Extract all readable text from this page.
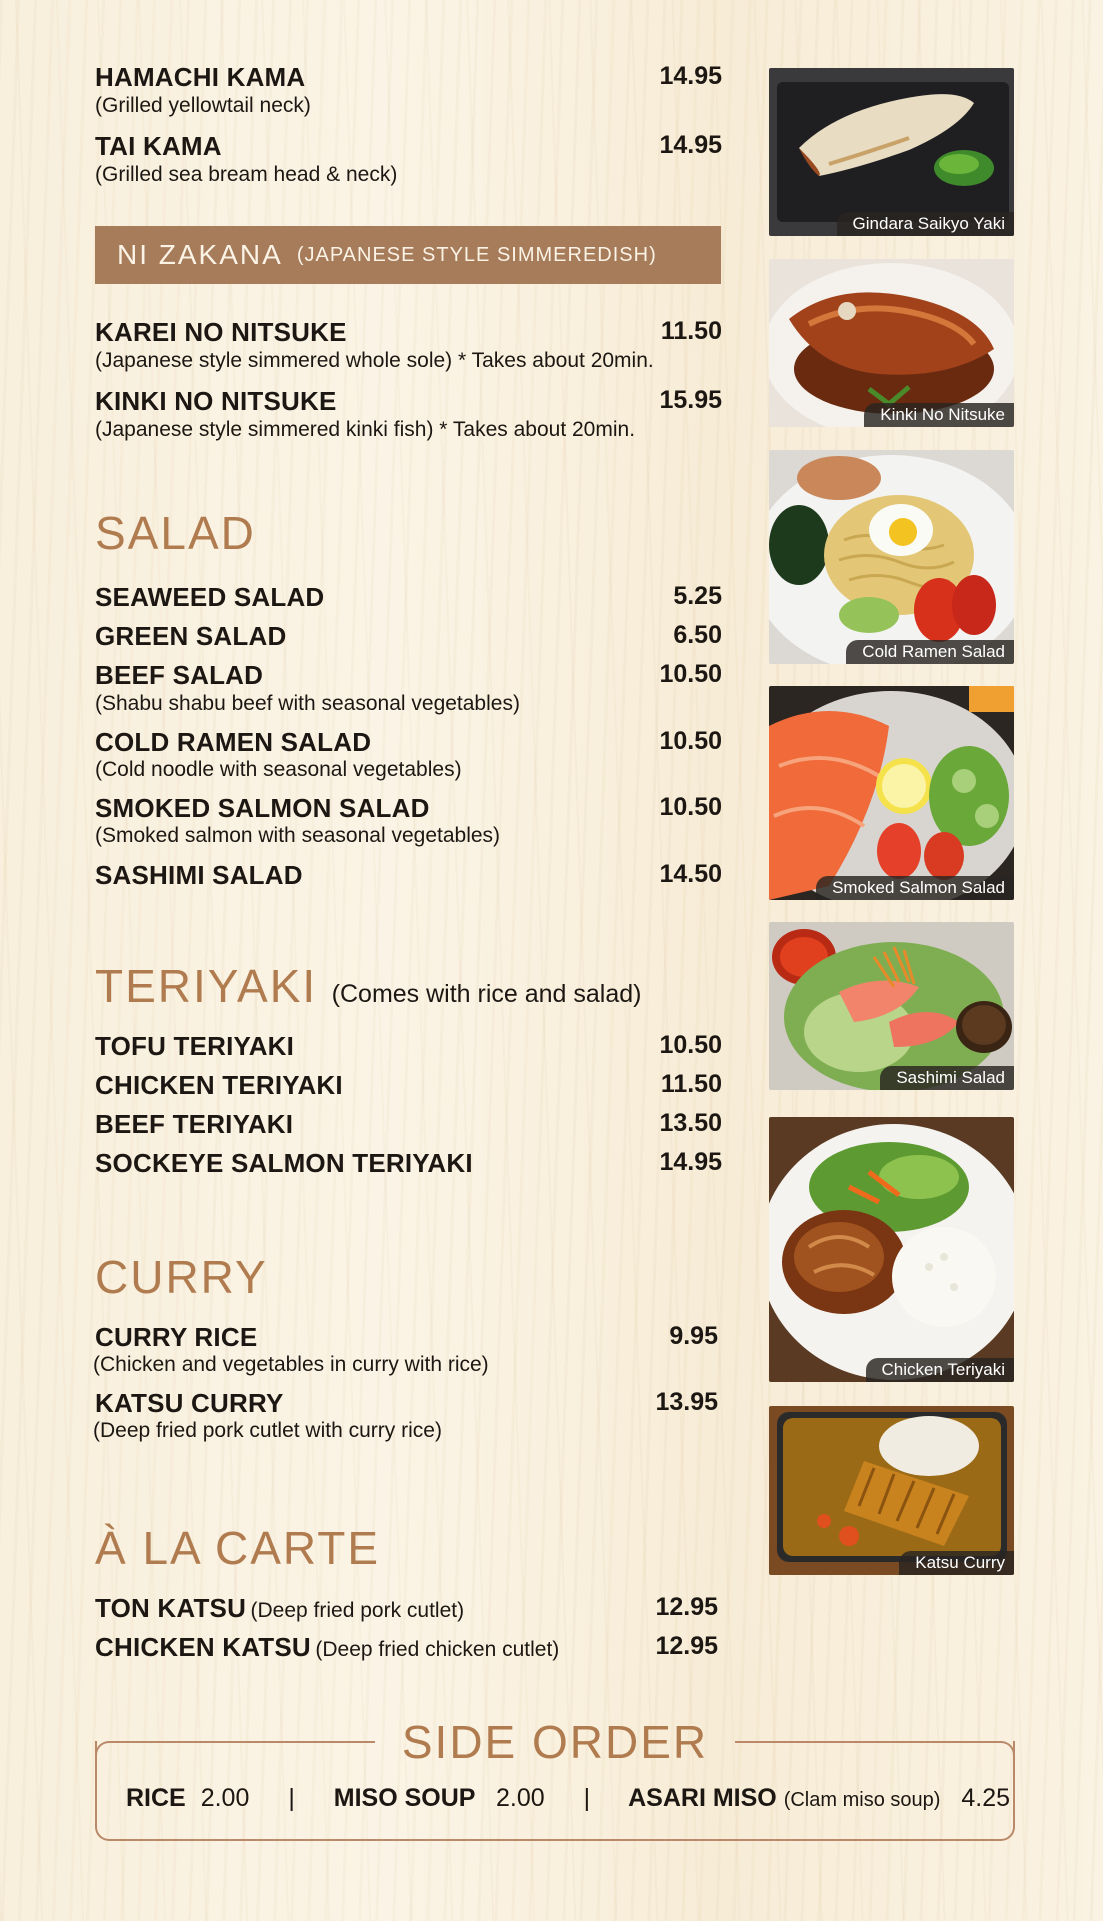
HAMACHI KAMA	14.95
(Grilled yellowtail neck)
TAI KAMA	14.95
(Grilled sea bream head & neck)
NI ZAKANA (JAPANESE STYLE SIMMEREDISH)
KAREI NO NITSUKE	11.50
(Japanese style simmered whole sole) * Takes about 20min.
KINKI NO NITSUKE	15.95
(Japanese style simmered kinki fish) * Takes about 20min.
SALAD
SEAWEED SALAD	5.25
GREEN SALAD	6.50
BEEF SALAD	10.50
(Shabu shabu beef with seasonal vegetables)
COLD RAMEN SALAD	10.50
(Cold noodle with seasonal vegetables)
SMOKED SALMON SALAD	10.50
(Smoked salmon with seasonal vegetables)
SASHIMI SALAD	14.50
TERIYAKI (Comes with rice and salad)
TOFU TERIYAKI	10.50
CHICKEN TERIYAKI	11.50
BEEF TERIYAKI	13.50
SOCKEYE SALMON TERIYAKI	14.95
CURRY
CURRY RICE	9.95
(Chicken and vegetables in curry with rice)
KATSU CURRY	13.95
(Deep fried pork cutlet with curry rice)
À LA CARTE
TON KATSU (Deep fried pork cutlet)	12.95
CHICKEN KATSU (Deep fried chicken cutlet)	12.95
SIDE ORDER
RICE 2.00 | MISO SOUP 2.00 | ASARI MISO (Clam miso soup) 4.25
Gindara Saikyo Yaki
Kinki No Nitsuke
Cold Ramen Salad
Smoked Salmon Salad
Sashimi Salad
Chicken Teriyaki
Katsu Curry
